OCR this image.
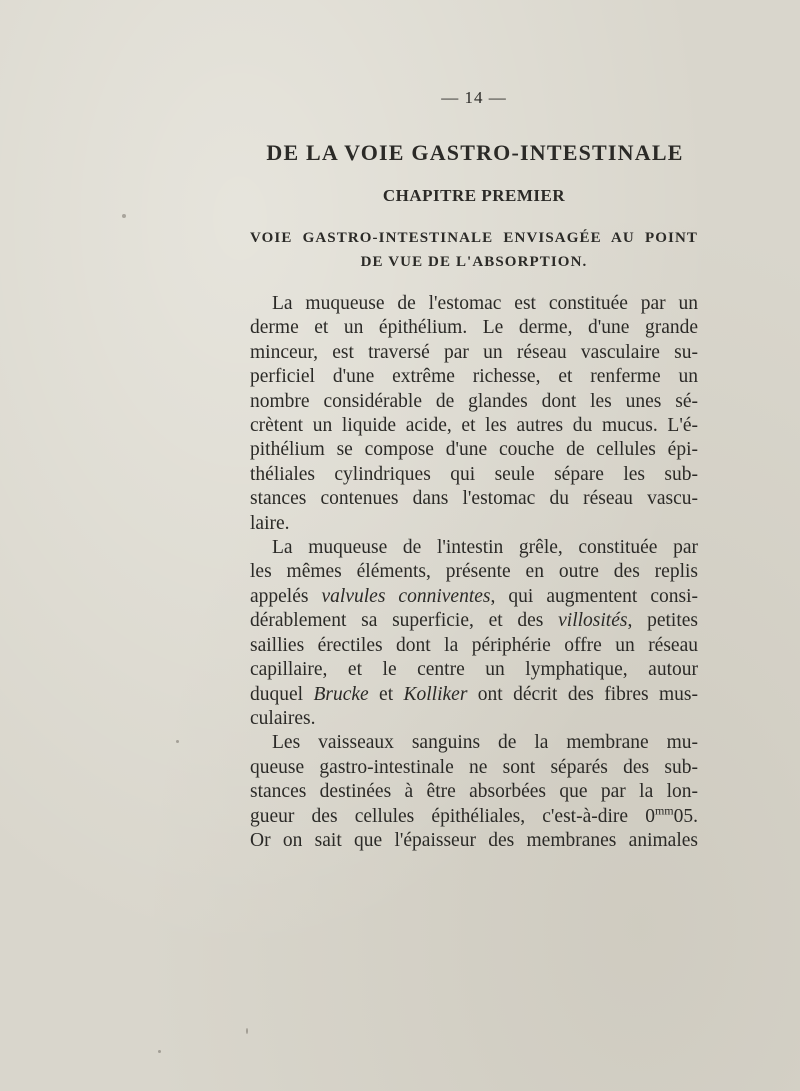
— 14 —
DE LA VOIE GASTRO-INTESTINALE
CHAPITRE PREMIER
VOIE GASTRO-INTESTINALE ENVISAGÉE AU POINT
DE VUE DE L'ABSORPTION.
La muqueuse de l'estomac est constituée par un
derme et un épithélium. Le derme, d'une grande
minceur, est traversé par un réseau vasculaire su-
perficiel d'une extrême richesse, et renferme un
nombre considérable de glandes dont les unes sé-
crètent un liquide acide, et les autres du mucus. L'é-
pithélium se compose d'une couche de cellules épi-
théliales cylindriques qui seule sépare les sub-
stances contenues dans l'estomac du réseau vascu-
laire.
La muqueuse de l'intestin grêle, constituée par
les mêmes éléments, présente en outre des replis
appelés valvules conniventes, qui augmentent consi-
dérablement sa superficie, et des villosités, petites
saillies érectiles dont la périphérie offre un réseau
capillaire, et le centre un lymphatique, autour
duquel Brucke et Kolliker ont décrit des fibres mus-
culaires.
Les vaisseaux sanguins de la membrane mu-
queuse gastro-intestinale ne sont séparés des sub-
stances destinées à être absorbées que par la lon-
gueur des cellules épithéliales, c'est-à-dire $0^{mm}05$.
Or on sait que l'épaisseur des membranes animales
